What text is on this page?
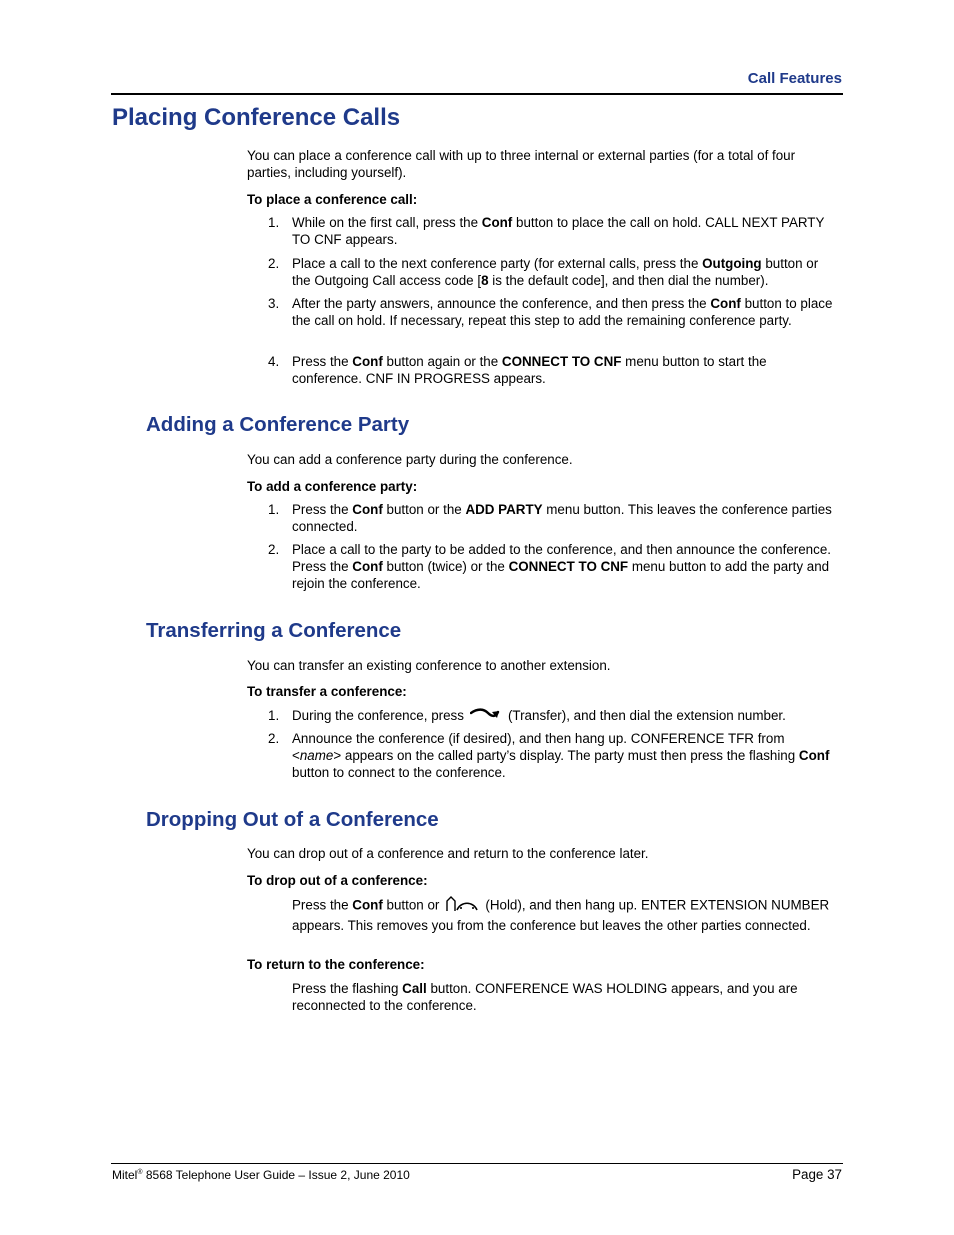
Call Features
Placing Conference Calls

You can place a conference call with up to three internal or external parties (for a total of four parties, including yourself).

To place a conference call:

1. While on the first call, press the Conf button to place the call on hold. CALL NEXT PARTY TO CNF appears.
2. Place a call to the next conference party (for external calls, press the Outgoing button or the Outgoing Call access code [8 is the default code], and then dial the number).
3. After the party answers, announce the conference, and then press the Conf button to place the call on hold. If necessary, repeat this step to add the remaining conference party.
4. Press the Conf button again or the CONNECT TO CNF menu button to start the conference. CNF IN PROGRESS appears.
Adding a Conference Party

You can add a conference party during the conference.

To add a conference party:

1. Press the Conf button or the ADD PARTY menu button. This leaves the conference parties connected.
2. Place a call to the party to be added to the conference, and then announce the conference. Press the Conf button (twice) or the CONNECT TO CNF menu button to add the party and rejoin the conference.
Transferring a Conference

You can transfer an existing conference to another extension.

To transfer a conference:

1. During the conference, press	(Transfer), and then dial the extension number.
2. Announce the conference (if desired), and then hang up. CONFERENCE TFR from <name> appears on the called party’s display. The party must then press the flashing Conf button to connect to the conference.
Dropping Out of a Conference

You can drop out of a conference and return to the conference later.

To drop out of a conference:

Press the Conf button or	(Hold), and then hang up. ENTER EXTENSION NUMBER appears. This removes you from the conference but leaves the other parties connected.

To return to the conference:

Press the flashing Call button. CONFERENCE WAS HOLDING appears, and you are reconnected to the conference.

Mitel® 8568 Telephone User Guide – Issue 2, June 2010	Page 37
